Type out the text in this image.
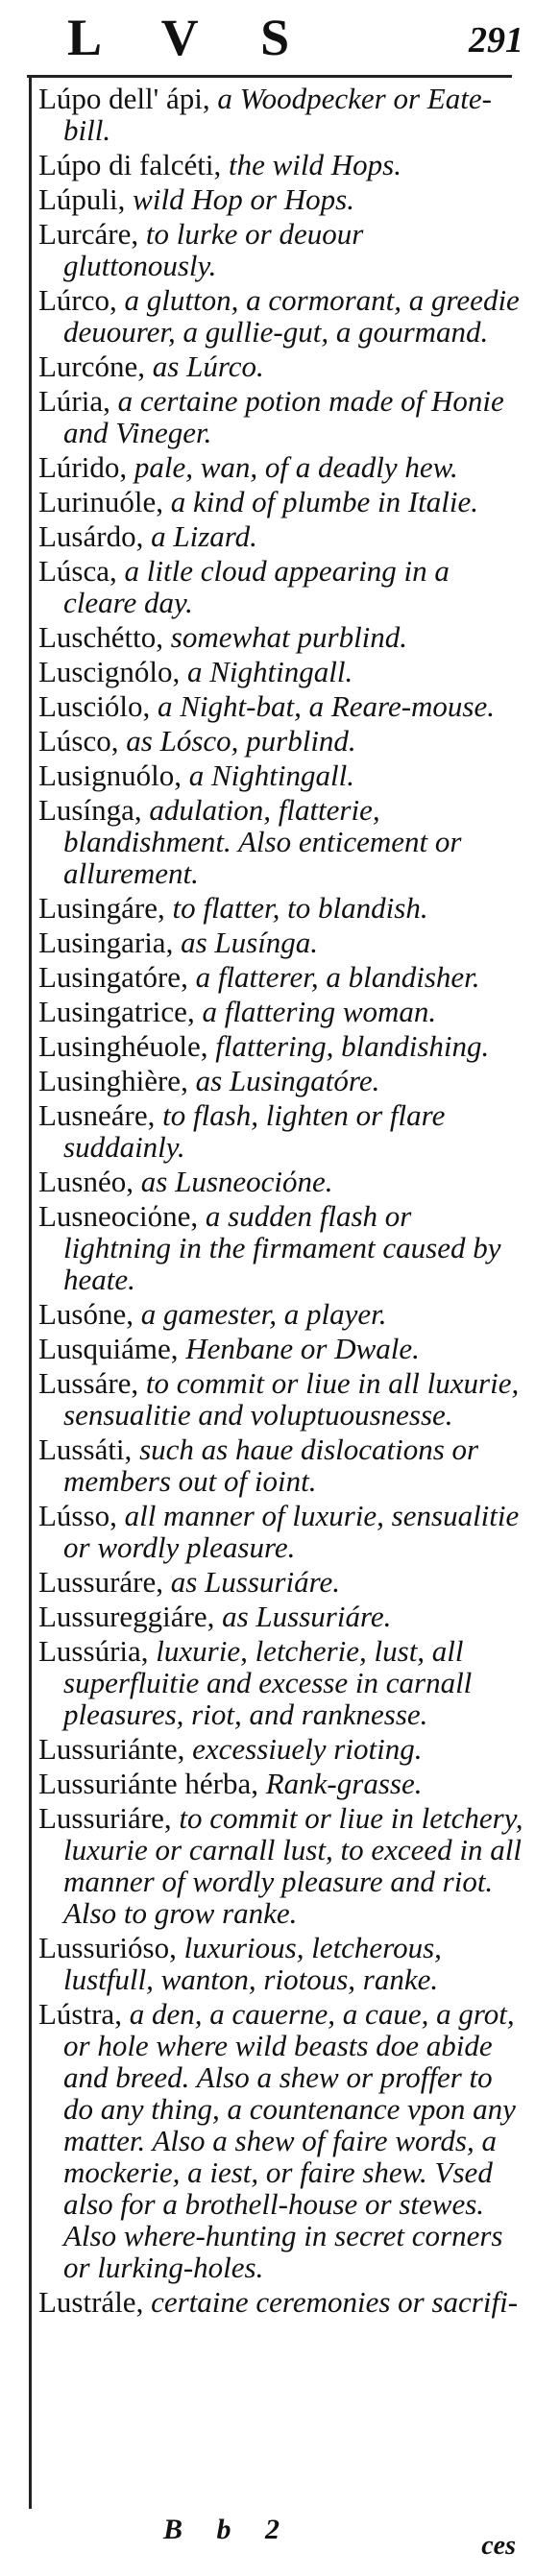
L V S	291

Lúpo dell' ápi, a Woodpecker or Eate-bill.

Lúpo di falcéti, the wild Hops.

Lúpuli, wild Hop or Hops.

Lurcáre, to lurke or deuour gluttonously.

Lúrco, a glutton, a cormorant, a greedie deuourer, a gullie-gut, a gourmand.

Lurcóne, as Lúrco.

Lúria, a certaine potion made of Honie and Vineger.

Lúrido, pale, wan, of a deadly hew.

Lurinuóle, a kind of plumbe in Italie.

Lusárdo, a Lizard.

Lúsca, a litle cloud appearing in a cleare day.

Luschétto, somewhat purblind.

Luscignólo, a Nightingall.

Lusciólo, a Night-bat, a Reare-mouse.

Lúsco, as Lósco, purblind.

Lusignuólo, a Nightingall.

Lusínga, adulation, flatterie, blandishment. Also enticement or allurement.

Lusingáre, to flatter, to blandish.

Lusingaria, as Lusínga.

Lusingatóre, a flatterer, a blandisher.

Lusingatrice, a flattering woman.

Lusinghéuole, flattering, blandishing.

Lusinghière, as Lusingatóre.

Lusneáre, to flash, lighten or flare suddainly.

Lusnéo, as Lusneociόne.

Lusneociόne, a sudden flash or lightning in the firmament caused by heate.

Lusóne, a gamester, a player.

Lusquiáme, Henbane or Dwale.

Lussáre, to commit or liue in all luxurie, sensualitie and voluptuousnesse.

Lussáti, such as haue dislocations or members out of ioint.

Lússo, all manner of luxurie, sensualitie or wordly pleasure.

Lussuráre, as Lussuriáre.

Lussureggiáre, as Lussuriáre.

Lussúria, luxurie, letcherie, lust, all superfluitie and excesse in carnall pleasures, riot, and ranknesse.

Lussuriánte, excessiuely rioting.

Lussuriánte hérba, Rank-grasse.

Lussuriáre, to commit or liue in letchery, luxurie or carnall lust, to exceed in all manner of wordly pleasure and riot. Also to grow ranke.

Lussurióso, luxurious, letcherous, lustfull, wanton, riotous, ranke.

Lústra, a den, a cauerne, a caue, a grot, or hole where wild beasts doe abide and breed. Also a shew or proffer to do any thing, a countenance vpon any matter. Also a shew of faire words, a mockerie, a iest, or faire shew. Vsed also for a brothell-house or stewes. Also where-hunting in secret corners or lurking-holes.

Lustrále, certaine ceremonies or sacrifi-

B b 2
ces
